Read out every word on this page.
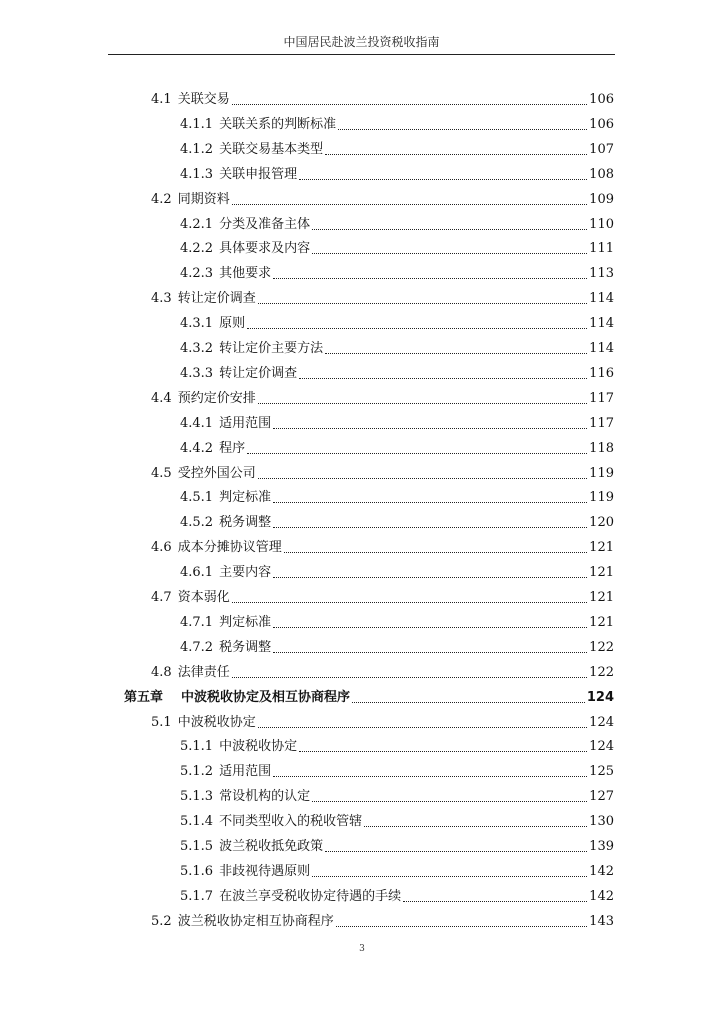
中国居民赴波兰投资税收指南
4.1 关联交易	106
4.1.1 关联关系的判断标准	106
4.1.2 关联交易基本类型	107
4.1.3 关联申报管理	108
4.2 同期资料	109
4.2.1 分类及准备主体	110
4.2.2 具体要求及内容	111
4.2.3 其他要求	113
4.3 转让定价调查	114
4.3.1 原则	114
4.3.2 转让定价主要方法	114
4.3.3 转让定价调查	116
4.4 预约定价安排	117
4.4.1 适用范围	117
4.4.2 程序	118
4.5 受控外国公司	119
4.5.1 判定标准	119
4.5.2 税务调整	120
4.6 成本分摊协议管理	121
4.6.1 主要内容	121
4.7 资本弱化	121
4.7.1 判定标准	121
4.7.2 税务调整	122
4.8 法律责任	122
第五章	中波税收协定及相互协商程序	124
5.1 中波税收协定	124
5.1.1 中波税收协定	124
5.1.2 适用范围	125
5.1.3 常设机构的认定	127
5.1.4 不同类型收入的税收管辖	130
5.1.5 波兰税收抵免政策	139
5.1.6 非歧视待遇原则	142
5.1.7 在波兰享受税收协定待遇的手续	142
5.2 波兰税收协定相互协商程序	143
3
